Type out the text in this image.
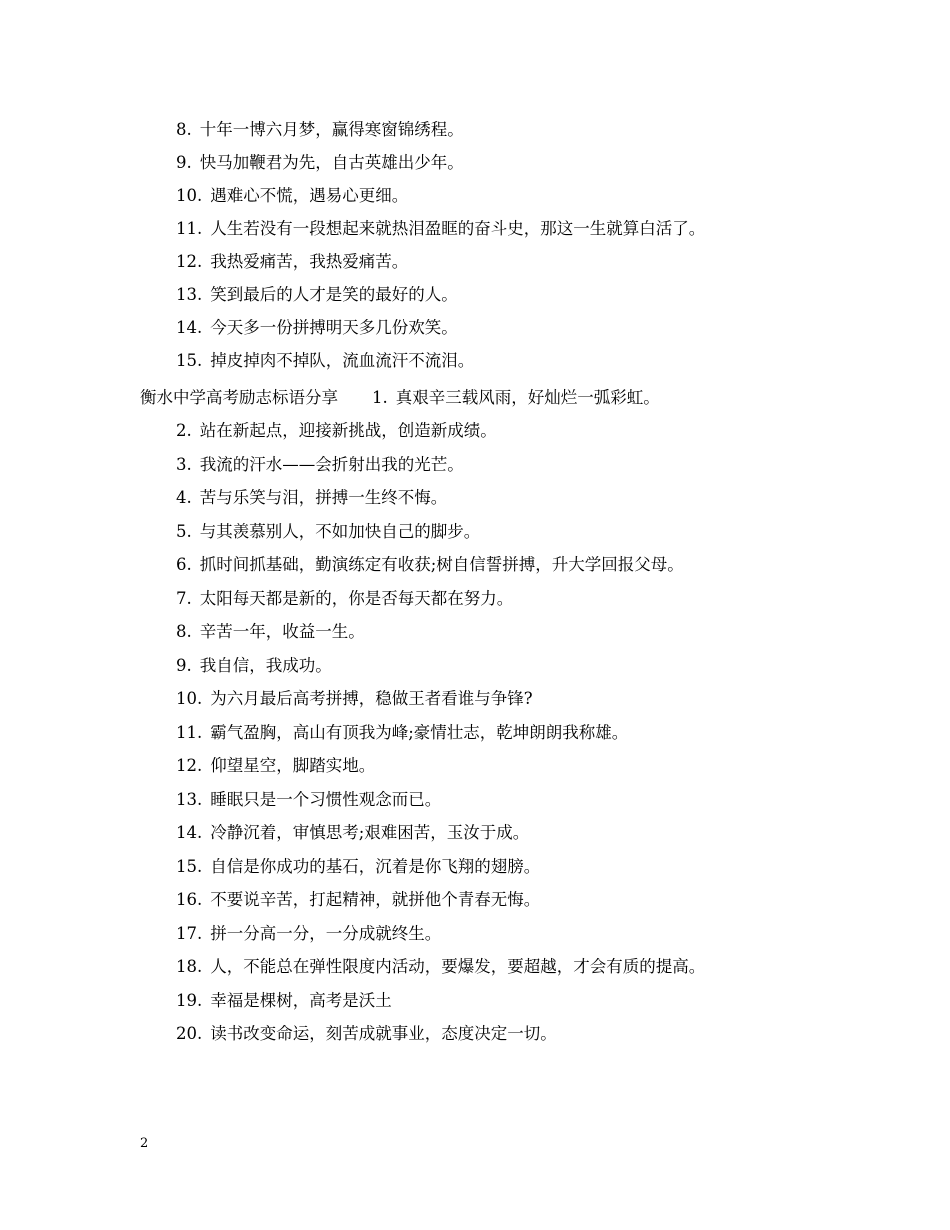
8. 十年一博六月梦，赢得寒窗锦绣程。
9. 快马加鞭君为先，自古英雄出少年。
10. 遇难心不慌，遇易心更细。
11. 人生若没有一段想起来就热泪盈眶的奋斗史，那这一生就算白活了。
12. 我热爱痛苦，我热爱痛苦。
13. 笑到最后的人才是笑的最好的人。
14. 今天多一份拼搏明天多几份欢笑。
15. 掉皮掉肉不掉队，流血流汗不流泪。
衡水中学高考励志标语分享 1. 真艰辛三载风雨，好灿烂一弧彩虹。
2. 站在新起点，迎接新挑战，创造新成绩。
3. 我流的汗水——会折射出我的光芒。
4. 苦与乐笑与泪，拼搏一生终不悔。
5. 与其羡慕别人，不如加快自己的脚步。
6. 抓时间抓基础，勤演练定有收获;树自信誓拼搏，升大学回报父母。
7. 太阳每天都是新的，你是否每天都在努力。
8. 辛苦一年，收益一生。
9. 我自信，我成功。
10. 为六月最后高考拼搏，稳做王者看谁与争锋?
11. 霸气盈胸，高山有顶我为峰;豪情壮志，乾坤朗朗我称雄。
12. 仰望星空，脚踏实地。
13. 睡眠只是一个习惯性观念而已。
14. 冷静沉着，审慎思考;艰难困苦，玉汝于成。
15. 自信是你成功的基石，沉着是你飞翔的翅膀。
16. 不要说辛苦，打起精神，就拼他个青春无悔。
17. 拼一分高一分，一分成就终生。
18. 人，不能总在弹性限度内活动，要爆发，要超越，才会有质的提高。
19. 幸福是棵树，高考是沃土
20. 读书改变命运，刻苦成就事业，态度决定一切。
2
